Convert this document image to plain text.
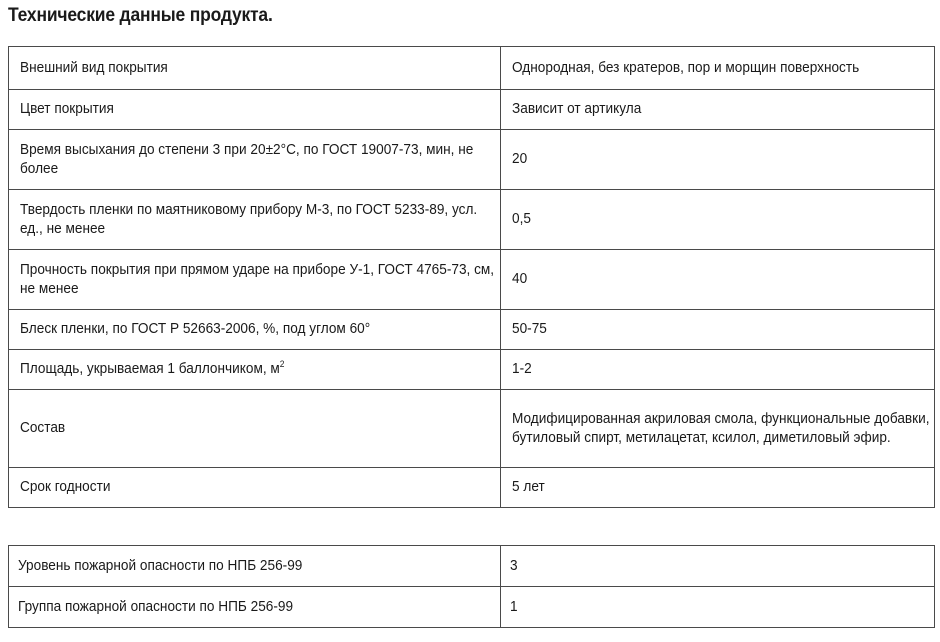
Технические данные продукта.
Внешний вид покрытия	Однородная, без кратеров, пор и морщин поверхность

Цвет покрытия	Зависит от артикула

Время высыхания до степени 3 при 20±2°С, по ГОСТ 19007-73, мин, не более	20

Твердость пленки по маятниковому прибору М-3, по ГОСТ 5233-89, усл. ед., не менее	0,5

Прочность покрытия при прямом ударе на приборе У-1, ГОСТ 4765-73, см, не менее	40

Блеск пленки, по ГОСТ Р 52663-2006, %, под углом 60°	50-75

Площадь, укрываемая 1 баллончиком, $м^2$	1-2

Состав	Модифицированная акриловая смола, функциональные добавки, бутиловый спирт, метилацетат, ксилол, диметиловый эфир.

Срок годности	5 лет
Уровень пожарной опасности по НПБ 256-99	3

Группа пожарной опасности по НПБ 256-99	1
